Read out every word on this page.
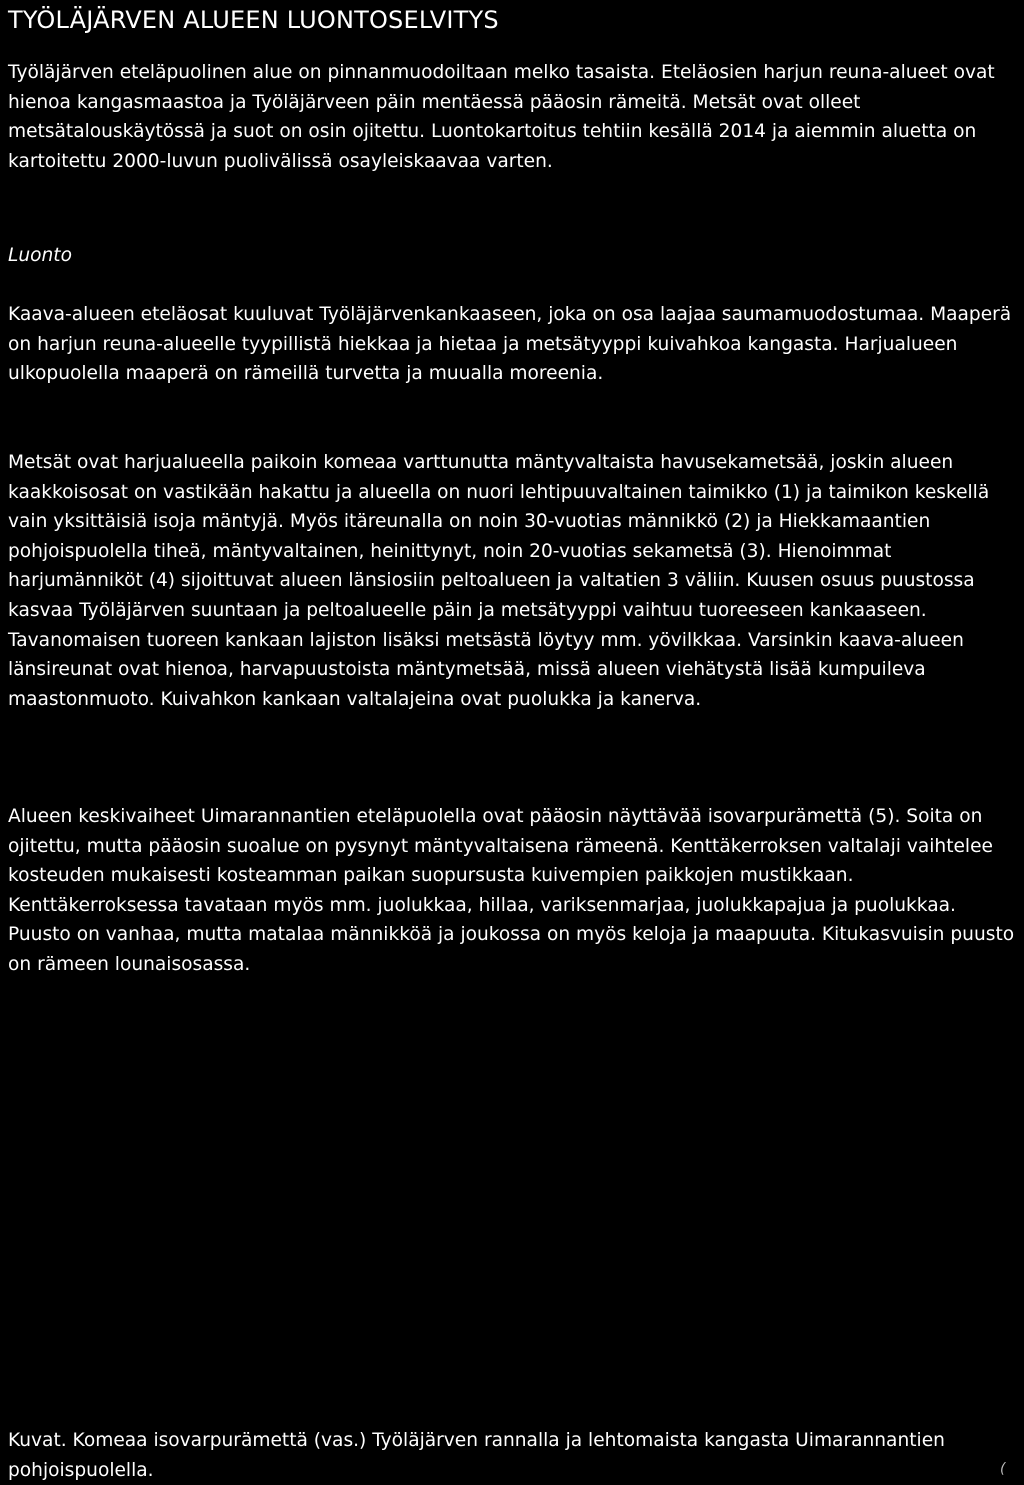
TYÖLÄJÄRVEN ALUEEN LUONTOSELVITYS

Työläjärven eteläpuolinen alue on pinnanmuodoiltaan melko tasaista. Eteläosien harjun reuna-alueet ovat hienoa kangasmaastoa ja Työläjärveen päin mentäessä pääosin rämeitä. Metsät ovat olleet metsätalouskäytössä ja suot on osin ojitettu. Luontokartoitus tehtiin kesällä 2014 ja aiemmin aluetta on kartoitettu 2000-luvun puolivälissä osayleiskaavaa varten.

Luonto

Kaava-alueen eteläosat kuuluvat Työläjärvenkankaaseen, joka on osa laajaa saumamuodostumaa. Maaperä on harjun reuna-alueelle tyypillistä hiekkaa ja hietaa ja metsätyyppi kuivahkoa kangasta. Harjualueen ulkopuolella maaperä on rämeillä turvetta ja muualla moreenia.

Metsät ovat harjualueella paikoin komeaa varttunutta mäntyvaltaista havusekametsää, joskin alueen kaakkoisosat on vastikään hakattu ja alueella on nuori lehtipuuvaltainen taimikko (1) ja taimikon keskellä vain yksittäisiä isoja mäntyjä. Myös itäreunalla on noin 30-vuotias männikkö (2) ja Hiekkamaantien pohjoispuolella tiheä, mäntyvaltainen, heinittynyt, noin 20-vuotias sekametsä (3). Hienoimmat harjumänniköt (4) sijoittuvat alueen länsiosiin peltoalueen ja valtatien 3 väliin. Kuusen osuus puustossa kasvaa Työläjärven suuntaan ja peltoalueelle päin ja metsätyyppi vaihtuu tuoreeseen kankaaseen. Tavanomaisen tuoreen kankaan lajiston lisäksi metsästä löytyy mm. yövilkkaa. Varsinkin kaava-alueen länsireunat ovat hienoa, harvapuustoista mäntymetsää, missä alueen viehätystä lisää kumpuileva maastonmuoto. Kuivahkon kankaan valtalajeina ovat puolukka ja kanerva.

Alueen keskivaiheet Uimarannantien eteläpuolella ovat pääosin näyttävää isovarpurämettä (5). Soita on ojitettu, mutta pääosin suoalue on pysynyt mäntyvaltaisena rämeenä. Kenttäkerroksen valtalaji vaihtelee kosteuden mukaisesti kosteamman paikan suopursusta kuivempien paikkojen mustikkaan. Kenttäkerroksessa tavataan myös mm. juolukkaa, hillaa, variksenmarjaa, juolukkapajua ja puolukkaa. Puusto on vanhaa, mutta matalaa männikköä ja joukossa on myös keloja ja maapuuta. Kitukasvuisin puusto on rämeen lounaisosassa.

Kuvat. Komeaa isovarpurämettä (vas.) Työläjärven rannalla ja lehtomaista kangasta Uimarannantien pohjoispuolella.	(
